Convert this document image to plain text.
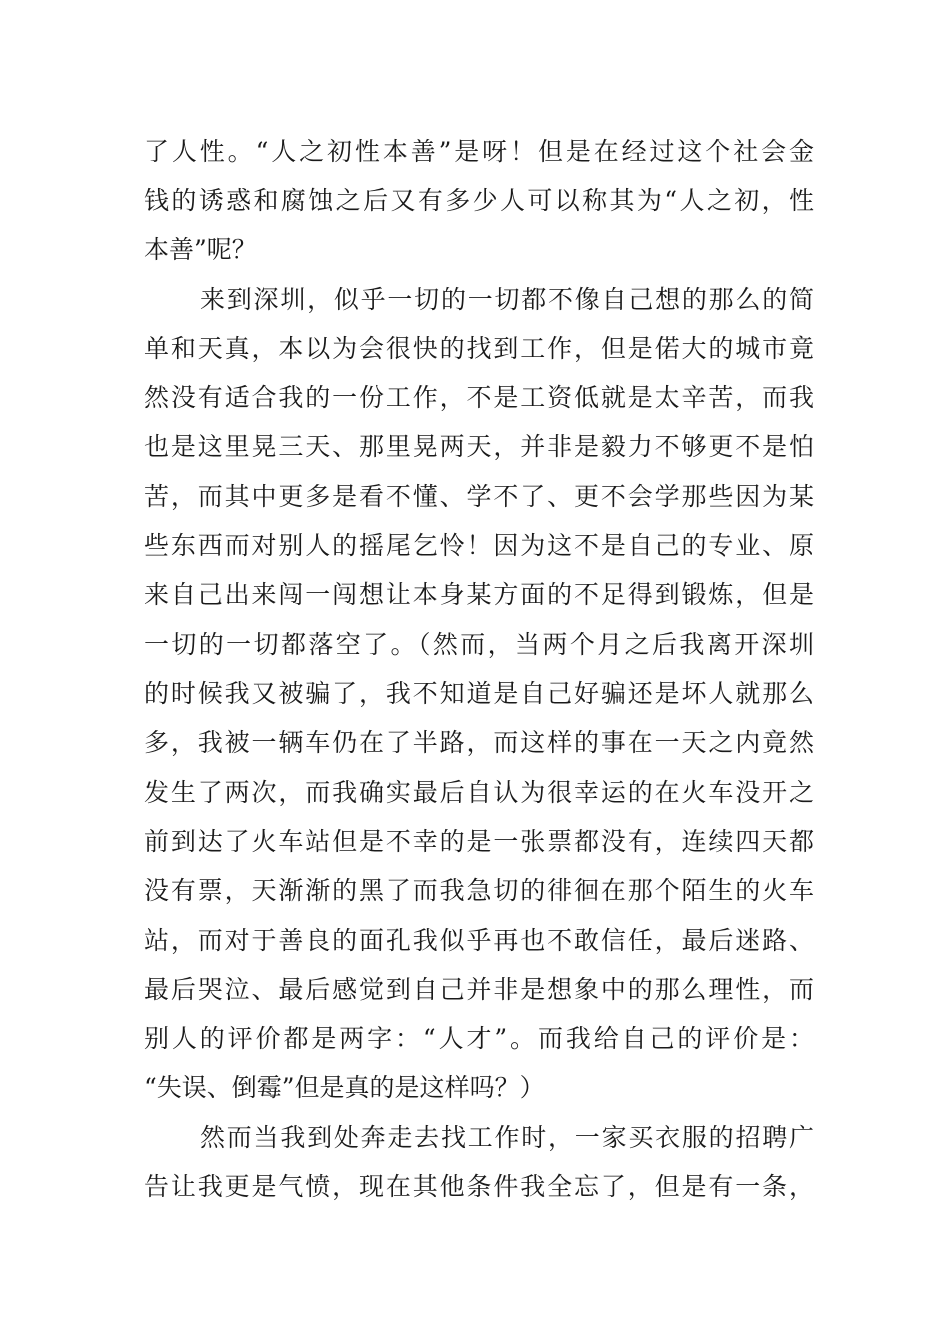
了人性。“人之初性本善”是呀！但是在经过这个社会金
钱的诱惑和腐蚀之后又有多少人可以称其为“人之初，性
本善”呢？
来到深圳，似乎一切的一切都不像自己想的那么的简
单和天真，本以为会很快的找到工作，但是偌大的城市竟
然没有适合我的一份工作，不是工资低就是太辛苦，而我
也是这里晃三天、那里晃两天，并非是毅力不够更不是怕
苦，而其中更多是看不懂、学不了、更不会学那些因为某
些东西而对别人的摇尾乞怜！因为这不是自己的专业、原
来自己出来闯一闯想让本身某方面的不足得到锻炼，但是
一切的一切都落空了。（然而，当两个月之后我离开深圳
的时候我又被骗了，我不知道是自己好骗还是坏人就那么
多，我被一辆车仍在了半路，而这样的事在一天之内竟然
发生了两次，而我确实最后自认为很幸运的在火车没开之
前到达了火车站但是不幸的是一张票都没有，连续四天都
没有票，天渐渐的黑了而我急切的徘徊在那个陌生的火车
站，而对于善良的面孔我似乎再也不敢信任，最后迷路、
最后哭泣、最后感觉到自己并非是想象中的那么理性，而
别人的评价都是两字：“人才”。而我给自己的评价是：
“失误、倒霉”但是真的是这样吗？）
然而当我到处奔走去找工作时，一家买衣服的招聘广
告让我更是气愤，现在其他条件我全忘了，但是有一条，
